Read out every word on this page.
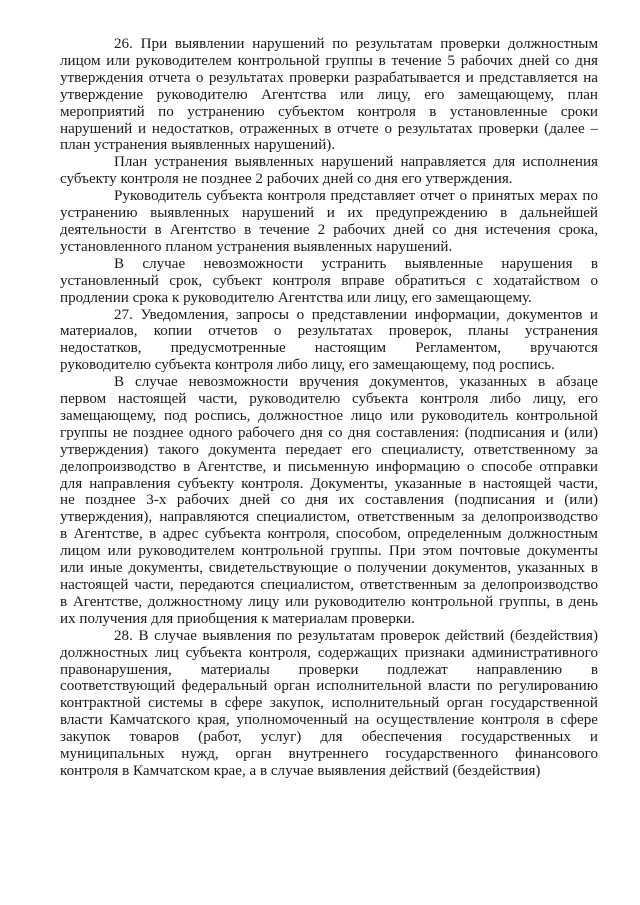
26. При выявлении нарушений по результатам проверки должностным
лицом или руководителем контрольной группы в течение 5 рабочих дней со дня
утверждения отчета о результатах проверки разрабатывается и представляется на
утверждение руководителю Агентства или лицу, его замещающему, план
мероприятий по устранению субъектом контроля в установленные сроки
нарушений и недостатков, отраженных в отчете о результатах проверки (далее –
план устранения выявленных нарушений).
План устранения выявленных нарушений направляется для исполнения
субъекту контроля не позднее 2 рабочих дней со дня его утверждения.
Руководитель субъекта контроля представляет отчет о принятых мерах по
устранению выявленных нарушений и их предупреждению в дальнейшей
деятельности в Агентство в течение 2 рабочих дней со дня истечения срока,
установленного планом устранения выявленных нарушений.
В случае невозможности устранить выявленные нарушения в
установленный срок, субъект контроля вправе обратиться с ходатайством о
продлении срока к руководителю Агентства или лицу, его замещающему.
27. Уведомления, запросы о представлении информации, документов и
материалов, копии отчетов о результатах проверок, планы устранения
недостатков, предусмотренные настоящим Регламентом, вручаются
руководителю субъекта контроля либо лицу, его замещающему, под роспись.
В случае невозможности вручения документов, указанных в абзаце
первом настоящей части, руководителю субъекта контроля либо лицу, его
замещающему, под роспись, должностное лицо или руководитель контрольной
группы не позднее одного рабочего дня со дня составления: (подписания и (или)
утверждения) такого документа передает его специалисту, ответственному за
делопроизводство в Агентстве, и письменную информацию о способе отправки
для направления субъекту контроля. Документы, указанные в настоящей части,
не позднее 3-х рабочих дней со дня их составления (подписания и (или)
утверждения), направляются специалистом, ответственным за делопроизводство
в Агентстве, в адрес субъекта контроля, способом, определенным должностным
лицом или руководителем контрольной группы. При этом почтовые документы
или иные документы, свидетельствующие о получении документов, указанных в
настоящей части, передаются специалистом, ответственным за делопроизводство
в Агентстве, должностному лицу или руководителю контрольной группы, в день
их получения для приобщения к материалам проверки.
28. В случае выявления по результатам проверок действий (бездействия)
должностных лиц субъекта контроля, содержащих признаки административного
правонарушения, материалы проверки подлежат направлению в
соответствующий федеральный орган исполнительной власти по регулированию
контрактной системы в сфере закупок, исполнительный орган государственной
власти Камчатского края, уполномоченный на осуществление контроля в сфере
закупок товаров (работ, услуг) для обеспечения государственных и
муниципальных нужд, орган внутреннего государственного финансового
контроля в Камчатском крае, а в случае выявления действий (бездействия)
